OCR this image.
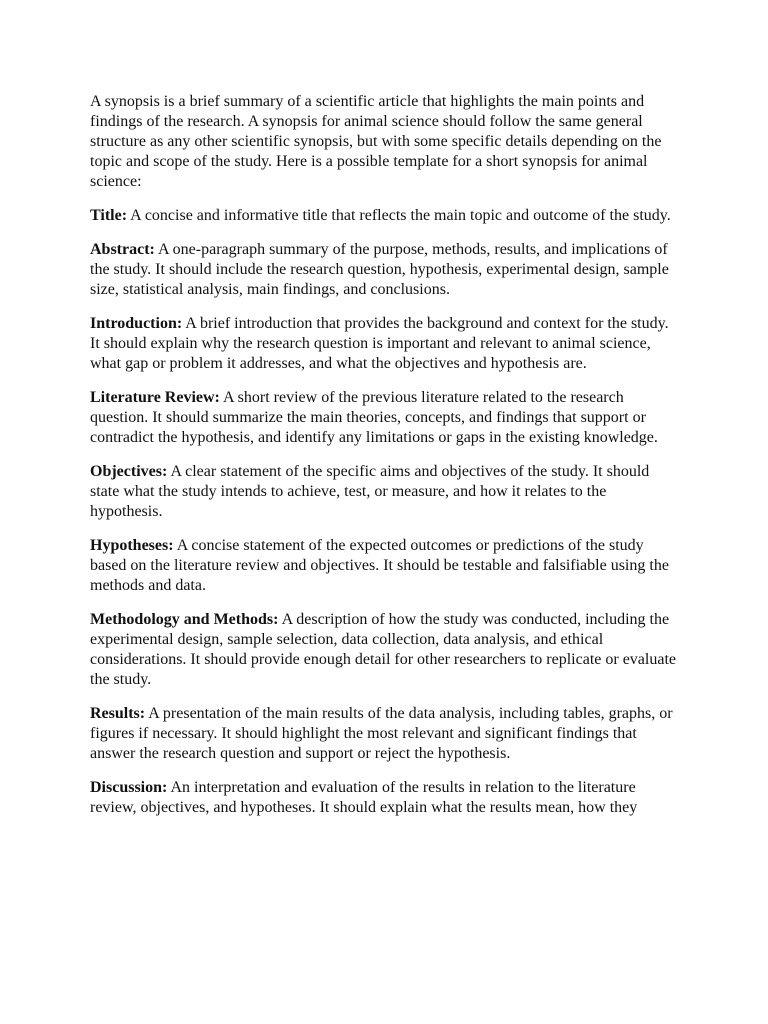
A synopsis is a brief summary of a scientific article that highlights the main points and findings of the research. A synopsis for animal science should follow the same general structure as any other scientific synopsis, but with some specific details depending on the topic and scope of the study. Here is a possible template for a short synopsis for animal science:

Title: A concise and informative title that reflects the main topic and outcome of the study.

Abstract: A one-paragraph summary of the purpose, methods, results, and implications of the study. It should include the research question, hypothesis, experimental design, sample size, statistical analysis, main findings, and conclusions.

Introduction: A brief introduction that provides the background and context for the study. It should explain why the research question is important and relevant to animal science, what gap or problem it addresses, and what the objectives and hypothesis are.

Literature Review: A short review of the previous literature related to the research question. It should summarize the main theories, concepts, and findings that support or contradict the hypothesis, and identify any limitations or gaps in the existing knowledge.

Objectives: A clear statement of the specific aims and objectives of the study. It should state what the study intends to achieve, test, or measure, and how it relates to the hypothesis.

Hypotheses: A concise statement of the expected outcomes or predictions of the study based on the literature review and objectives. It should be testable and falsifiable using the methods and data.

Methodology and Methods: A description of how the study was conducted, including the experimental design, sample selection, data collection, data analysis, and ethical considerations. It should provide enough detail for other researchers to replicate or evaluate the study.

Results: A presentation of the main results of the data analysis, including tables, graphs, or figures if necessary. It should highlight the most relevant and significant findings that answer the research question and support or reject the hypothesis.

Discussion: An interpretation and evaluation of the results in relation to the literature review, objectives, and hypotheses. It should explain what the results mean, how they
